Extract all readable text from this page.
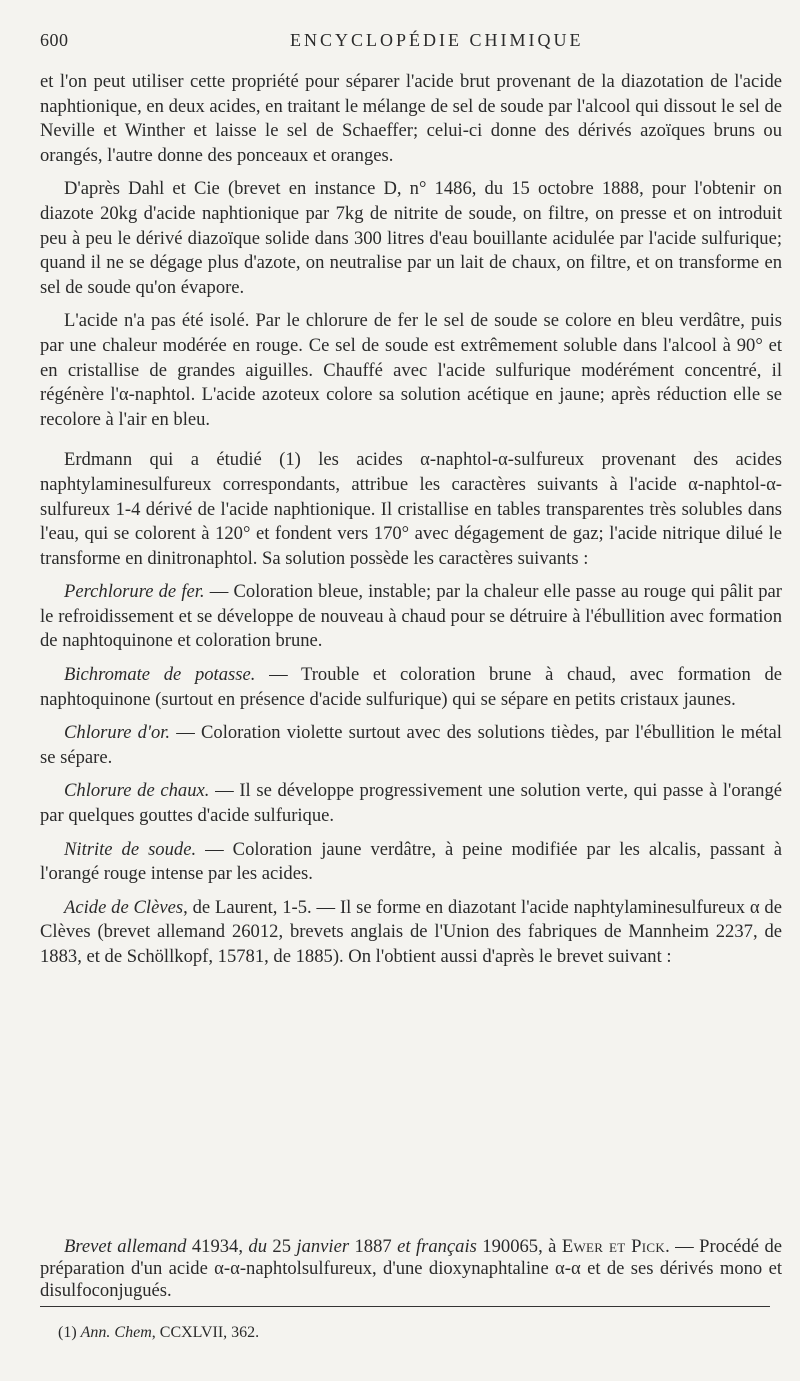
600	ENCYCLOPÉDIE CHIMIQUE

et l'on peut utiliser cette propriété pour séparer l'acide brut provenant de la diazotation de l'acide naphtionique, en deux acides, en traitant le mélange de sel de soude par l'alcool qui dissout le sel de Neville et Winther et laisse le sel de Schaeffer; celui-ci donne des dérivés azoïques bruns ou orangés, l'autre donne des ponceaux et oranges.

D'après Dahl et Cie (brevet en instance D, n° 1486, du 15 octobre 1888, pour l'obtenir on diazote 20kg d'acide naphtionique par 7kg de nitrite de soude, on filtre, on presse et on introduit peu à peu le dérivé diazoïque solide dans 300 litres d'eau bouillante acidulée par l'acide sulfurique; quand il ne se dégage plus d'azote, on neutralise par un lait de chaux, on filtre, et on transforme en sel de soude qu'on évapore.

L'acide n'a pas été isolé. Par le chlorure de fer le sel de soude se colore en bleu verdâtre, puis par une chaleur modérée en rouge. Ce sel de soude est extrêmement soluble dans l'alcool à 90° et en cristallise de grandes aiguilles. Chauffé avec l'acide sulfurique modérément concentré, il régénère l'α-naphtol. L'acide azoteux colore sa solution acétique en jaune; après réduction elle se recolore à l'air en bleu.

Erdmann qui a étudié (1) les acides α-naphtol-α-sulfureux provenant des acides naphtylaminesulfureux correspondants, attribue les caractères suivants à l'acide α-naphtol-α-sulfureux 1-4 dérivé de l'acide naphtionique. Il cristallise en tables transparentes très solubles dans l'eau, qui se colorent à 120° et fondent vers 170° avec dégagement de gaz; l'acide nitrique dilué le transforme en dinitronaphtol. Sa solution possède les caractères suivants :

Perchlorure de fer. — Coloration bleue, instable; par la chaleur elle passe au rouge qui pâlit par le refroidissement et se développe de nouveau à chaud pour se détruire à l'ébullition avec formation de naphtoquinone et coloration brune.

Bichromate de potasse. — Trouble et coloration brune à chaud, avec formation de naphtoquinone (surtout en présence d'acide sulfurique) qui se sépare en petits cristaux jaunes.

Chlorure d'or. — Coloration violette surtout avec des solutions tièdes, par l'ébullition le métal se sépare.

Chlorure de chaux. — Il se développe progressivement une solution verte, qui passe à l'orangé par quelques gouttes d'acide sulfurique.

Nitrite de soude. — Coloration jaune verdâtre, à peine modifiée par les alcalis, passant à l'orangé rouge intense par les acides.

Acide de Clèves, de Laurent, 1-5. — Il se forme en diazotant l'acide naphtylaminesulfureux α de Clèves (brevet allemand 26012, brevets anglais de l'Union des fabriques de Mannheim 2237, de 1883, et de Schöllkopf, 15781, de 1885). On l'obtient aussi d'après le brevet suivant :

Brevet allemand 41934, du 25 janvier 1887 et français 190065, à Ewer et Pick. — Procédé de préparation d'un acide α-α-naphtolsulfureux, d'une dioxynaphtaline α-α et de ses dérivés mono et disulfoconjugués.

(1) Ann. Chem, CCXLVII, 362.
